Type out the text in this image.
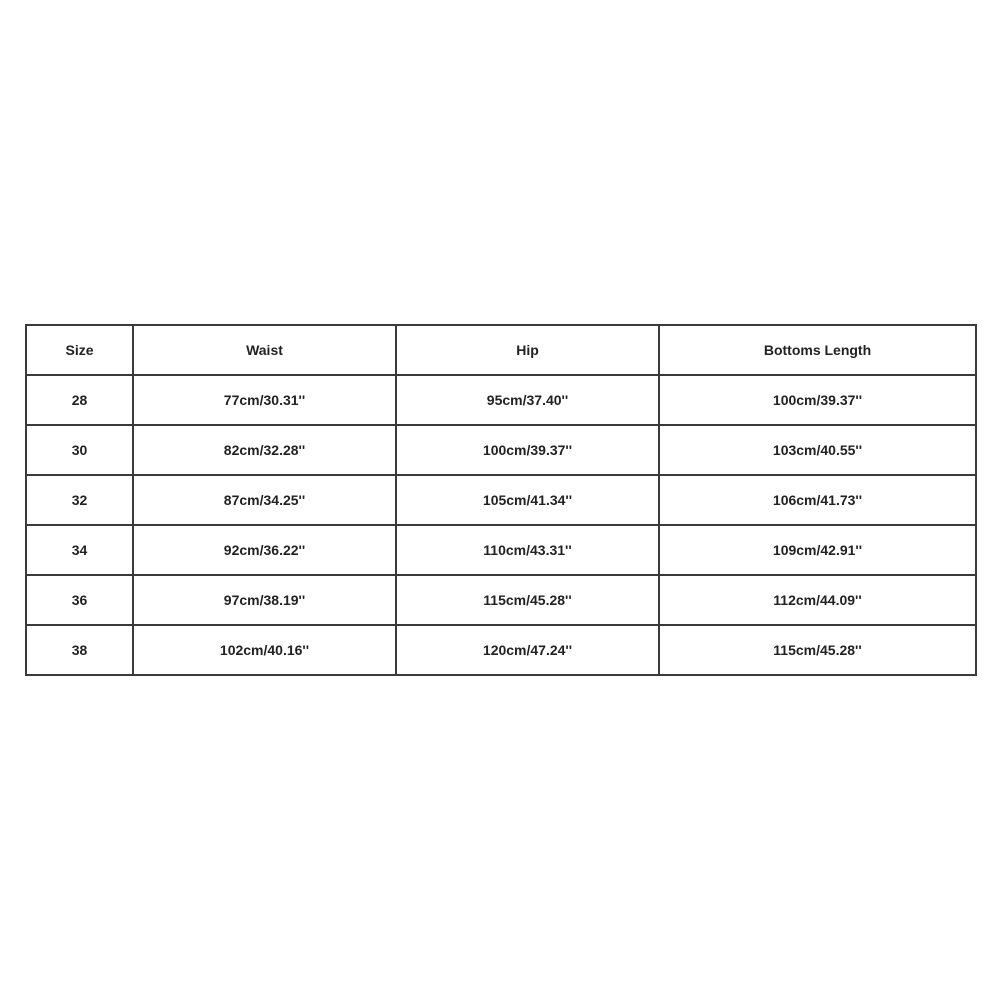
Size	Waist	Hip	Bottoms Length
28	77cm/30.31''	95cm/37.40''	100cm/39.37''
30	82cm/32.28''	100cm/39.37''	103cm/40.55''
32	87cm/34.25''	105cm/41.34''	106cm/41.73''
34	92cm/36.22''	110cm/43.31''	109cm/42.91''
36	97cm/38.19''	115cm/45.28''	112cm/44.09''
38	102cm/40.16''	120cm/47.24''	115cm/45.28''
